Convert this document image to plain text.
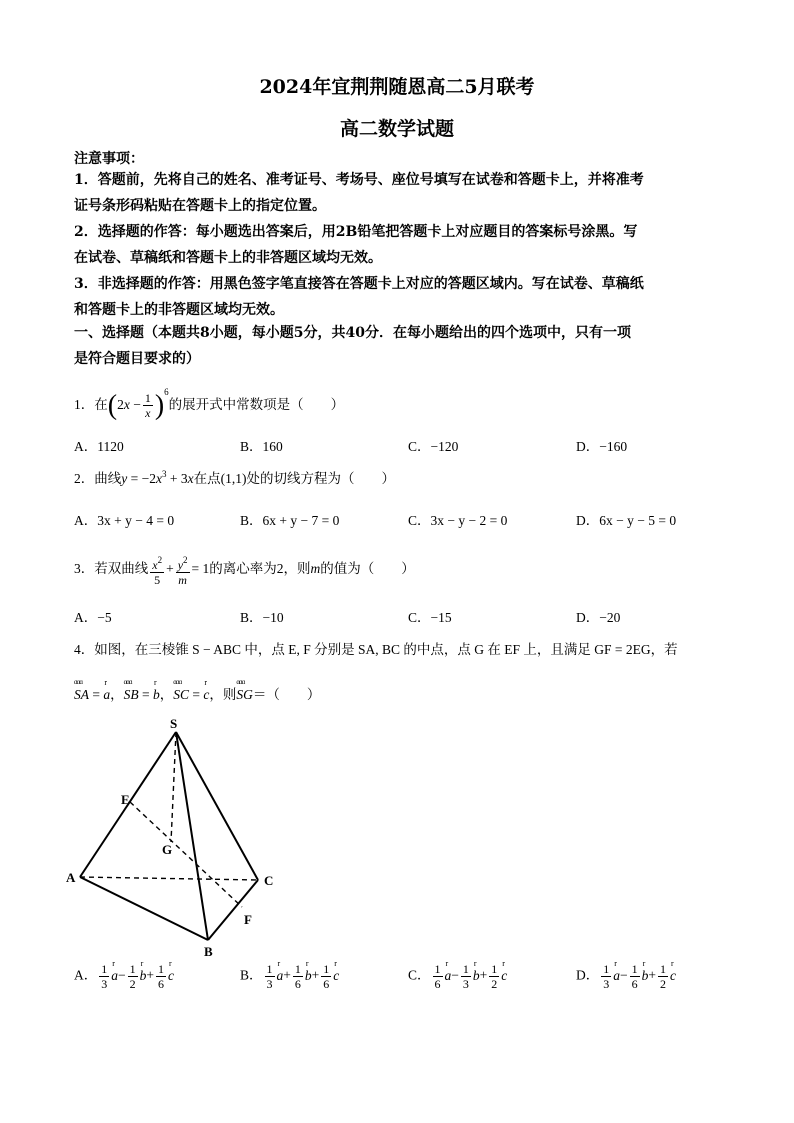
2024年宜荆荆随恩高二5月联考
高二数学试题
注意事项：
1．答题前，先将自己的姓名、准考证号、考场号、座位号填写在试卷和答题卡上，并将准考
证号条形码粘贴在答题卡上的指定位置。
2．选择题的作答：每小题选出答案后，用2B铅笔把答题卡上对应题目的答案标号涂黑。写
在试卷、草稿纸和答题卡上的非答题区域均无效。
3．非选择题的作答：用黑色签字笔直接答在答题卡上对应的答题区域内。写在试卷、草稿纸
和答题卡上的非答题区域均无效。
一、选择题（本题共8小题，每小题5分，共40分．在每小题给出的四个选项中，只有一项
是符合题目要求的）
1．在$(2x - \frac{1}{x} )^6$的展开式中常数项是（　　）
A．1120	B．160	C．−120	D．−160
2．曲线$y = -2x^3 + 3x$在点(1,1)处的切线方程为（　　）
A．3x + y − 4 = 0	B．6x + y − 7 = 0	C．3x − y − 2 = 0	D．6x − y − 5 = 0
3．若双曲线 $\frac{x^2}{5} + \frac{y^2}{m} = 1$的离心率为2，则m的值为（　　）
A．−5	B．−10	C．−15	D．−20
4．如图，在三棱锥 S − ABC 中，点 E, F 分别是 SA, BC 的中点，点 G 在 EF 上，且满足 GF = 2EG，若
ɑɑɑ SA = r a，ɑɑɑ SB = r b，ɑɑɑ SC = r c，则ɑɑɑ SG＝（　　）
S
E
G
A	C
F
B
A． $\frac{1}{3}$ r $a- \frac{1}{2}$ r $b+ \frac{1}{6}$ r c	B． $\frac{1}{3}$ r $a+ \frac{1}{6}$ r $b+ \frac{1}{6}$ r c	C． $\frac{1}{6}$ r $a- \frac{1}{3}$ r $b+ \frac{1}{2}$ r c	D． $\frac{1}{3}$ r $a- \frac{1}{6}$ r $b+ \frac{1}{2}$ r c
